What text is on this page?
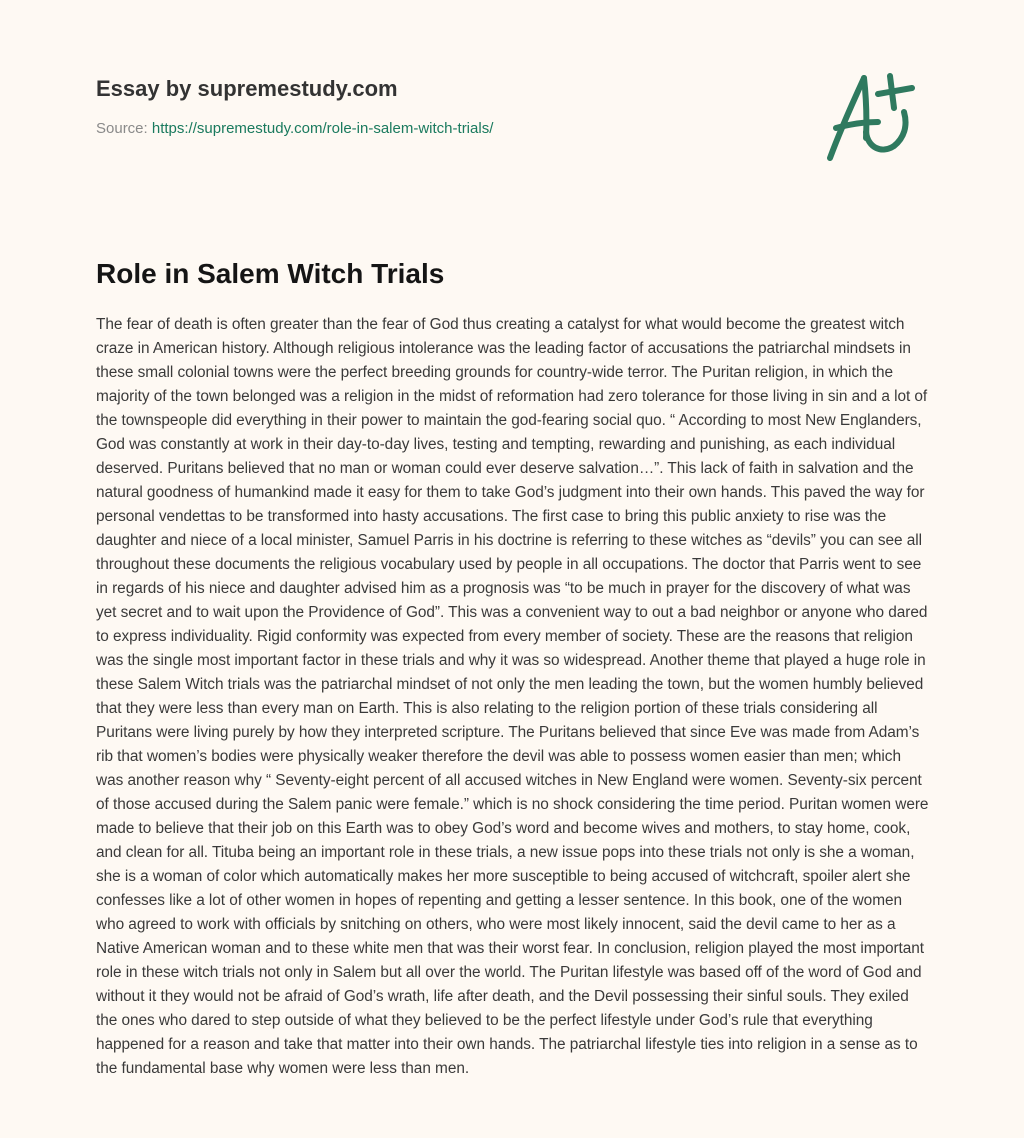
Essay by supremestudy.com
Source: https://supremestudy.com/role-in-salem-witch-trials/
Role in Salem Witch Trials

The fear of death is often greater than the fear of God thus creating a catalyst for what would become the greatest witch craze in American history. Although religious intolerance was the leading factor of accusations the patriarchal mindsets in these small colonial towns were the perfect breeding grounds for country-wide terror. The Puritan religion, in which the majority of the town belonged was a religion in the midst of reformation had zero tolerance for those living in sin and a lot of the townspeople did everything in their power to maintain the god-fearing social quo. “ According to most New Englanders, God was constantly at work in their day-to-day lives, testing and tempting, rewarding and punishing, as each individual deserved. Puritans believed that no man or woman could ever deserve salvation…”. This lack of faith in salvation and the natural goodness of humankind made it easy for them to take God’s judgment into their own hands. This paved the way for personal vendettas to be transformed into hasty accusations. The first case to bring this public anxiety to rise was the daughter and niece of a local minister, Samuel Parris in his doctrine is referring to these witches as “devils” you can see all throughout these documents the religious vocabulary used by people in all occupations. The doctor that Parris went to see in regards of his niece and daughter advised him as a prognosis was “to be much in prayer for the discovery of what was yet secret and to wait upon the Providence of God”. This was a convenient way to out a bad neighbor or anyone who dared to express individuality. Rigid conformity was expected from every member of society. These are the reasons that religion was the single most important factor in these trials and why it was so widespread. Another theme that played a huge role in these Salem Witch trials was the patriarchal mindset of not only the men leading the town, but the women humbly believed that they were less than every man on Earth. This is also relating to the religion portion of these trials considering all Puritans were living purely by how they interpreted scripture. The Puritans believed that since Eve was made from Adam’s rib that women’s bodies were physically weaker therefore the devil was able to possess women easier than men; which was another reason why “ Seventy-eight percent of all accused witches in New England were women. Seventy-six percent of those accused during the Salem panic were female.” which is no shock considering the time period. Puritan women were made to believe that their job on this Earth was to obey God’s word and become wives and mothers, to stay home, cook, and clean for all. Tituba being an important role in these trials, a new issue pops into these trials not only is she a woman, she is a woman of color which automatically makes her more susceptible to being accused of witchcraft, spoiler alert she confesses like a lot of other women in hopes of repenting and getting a lesser sentence. In this book, one of the women who agreed to work with officials by snitching on others, who were most likely innocent, said the devil came to her as a Native American woman and to these white men that was their worst fear. In conclusion, religion played the most important role in these witch trials not only in Salem but all over the world. The Puritan lifestyle was based off of the word of God and without it they would not be afraid of God’s wrath, life after death, and the Devil possessing their sinful souls. They exiled the ones who dared to step outside of what they believed to be the perfect lifestyle under God’s rule that everything happened for a reason and take that matter into their own hands. The patriarchal lifestyle ties into religion in a sense as to the fundamental base why women were less than men.
